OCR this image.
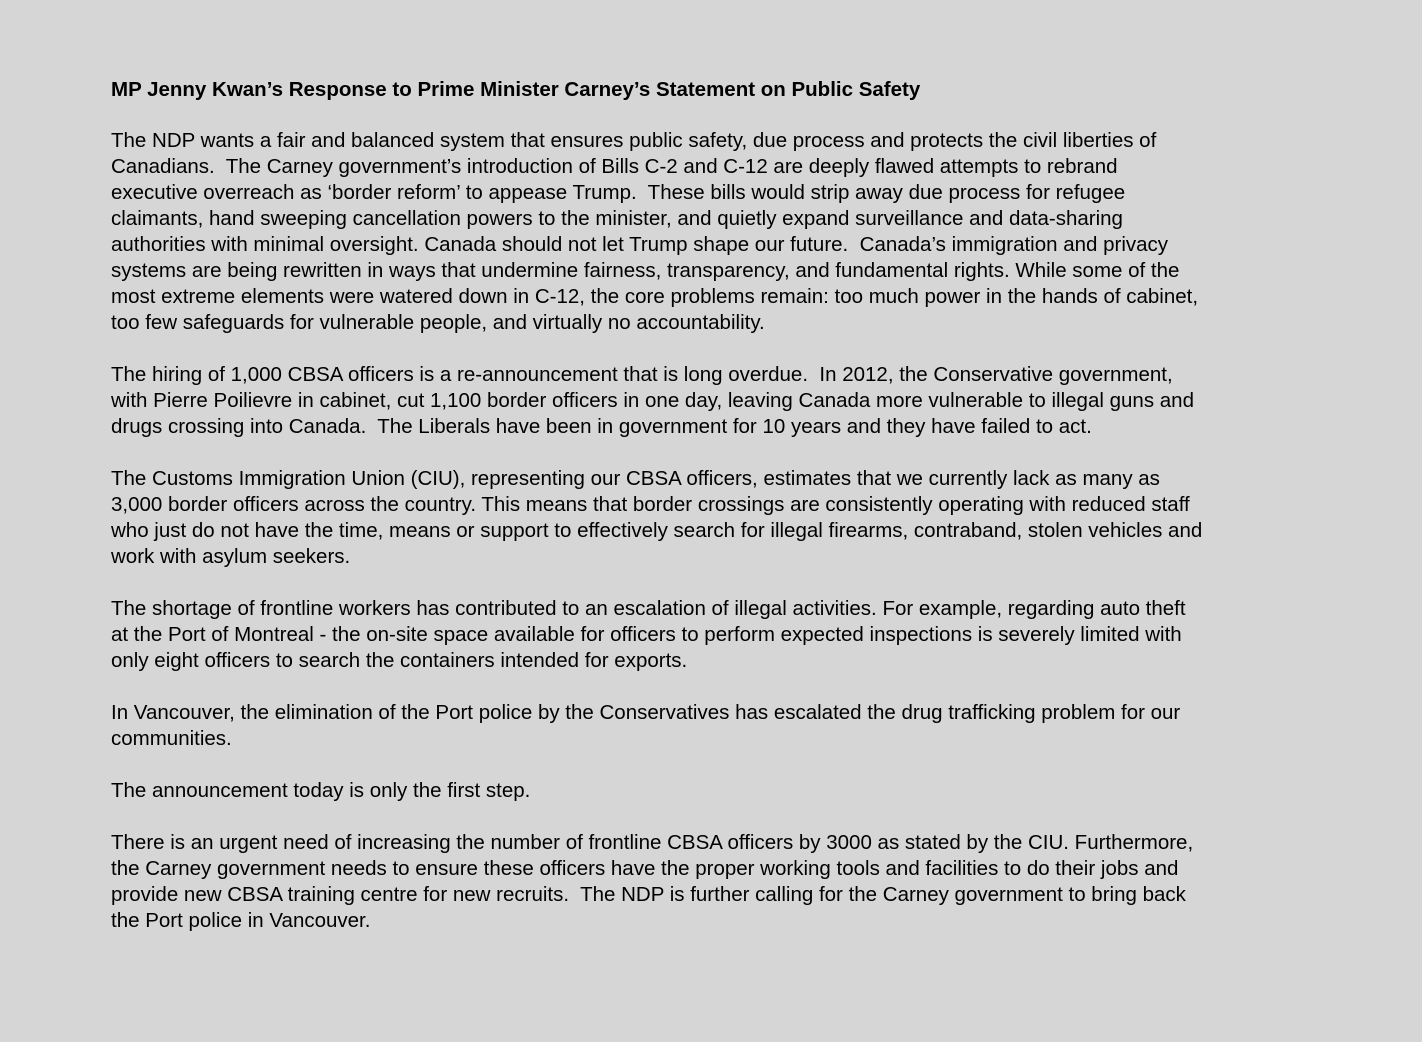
MP Jenny Kwan’s Response to Prime Minister Carney’s Statement on Public Safety
The NDP wants a fair and balanced system that ensures public safety, due process and protects the civil liberties of
Canadians.  The Carney government’s introduction of Bills C-2 and C-12 are deeply flawed attempts to rebrand
executive overreach as ‘border reform’ to appease Trump.  These bills would strip away due process for refugee
claimants, hand sweeping cancellation powers to the minister, and quietly expand surveillance and data-sharing
authorities with minimal oversight. Canada should not let Trump shape our future.  Canada’s immigration and privacy
systems are being rewritten in ways that undermine fairness, transparency, and fundamental rights. While some of the
most extreme elements were watered down in C-12, the core problems remain: too much power in the hands of cabinet,
too few safeguards for vulnerable people, and virtually no accountability.
The hiring of 1,000 CBSA officers is a re-announcement that is long overdue.  In 2012, the Conservative government,
with Pierre Poilievre in cabinet, cut 1,100 border officers in one day, leaving Canada more vulnerable to illegal guns and
drugs crossing into Canada.  The Liberals have been in government for 10 years and they have failed to act.
The Customs Immigration Union (CIU), representing our CBSA officers, estimates that we currently lack as many as
3,000 border officers across the country. This means that border crossings are consistently operating with reduced staff
who just do not have the time, means or support to effectively search for illegal firearms, contraband, stolen vehicles and
work with asylum seekers.
The shortage of frontline workers has contributed to an escalation of illegal activities. For example, regarding auto theft
at the Port of Montreal - the on-site space available for officers to perform expected inspections is severely limited with
only eight officers to search the containers intended for exports.
In Vancouver, the elimination of the Port police by the Conservatives has escalated the drug trafficking problem for our
communities.
The announcement today is only the first step.
There is an urgent need of increasing the number of frontline CBSA officers by 3000 as stated by the CIU. Furthermore,
the Carney government needs to ensure these officers have the proper working tools and facilities to do their jobs and
provide new CBSA training centre for new recruits.  The NDP is further calling for the Carney government to bring back
the Port police in Vancouver.
